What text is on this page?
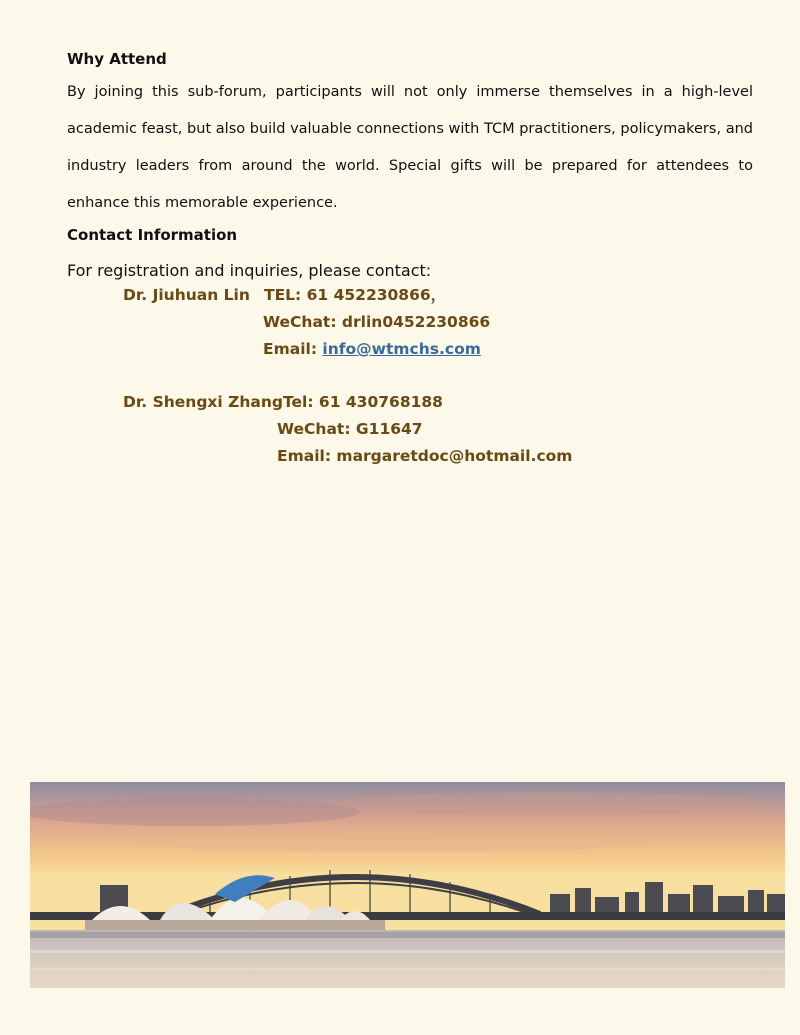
Why Attend

By joining this sub-forum, participants will not only immerse themselves in a high-level academic feast, but also build valuable connections with TCM practitioners, policymakers, and industry leaders from around the world. Special gifts will be prepared for attendees to enhance this memorable experience.

Contact Information
For registration and inquiries, please contact:
Dr. Jiuhuan Lin TEL: 61 452230866，
WeChat: drlin0452230866
Email: info@wtmchs.com
Dr. Shengxi Zhang Tel: 61 430768188
WeChat: G11647
Email: margaretdoc@hotmail.com
